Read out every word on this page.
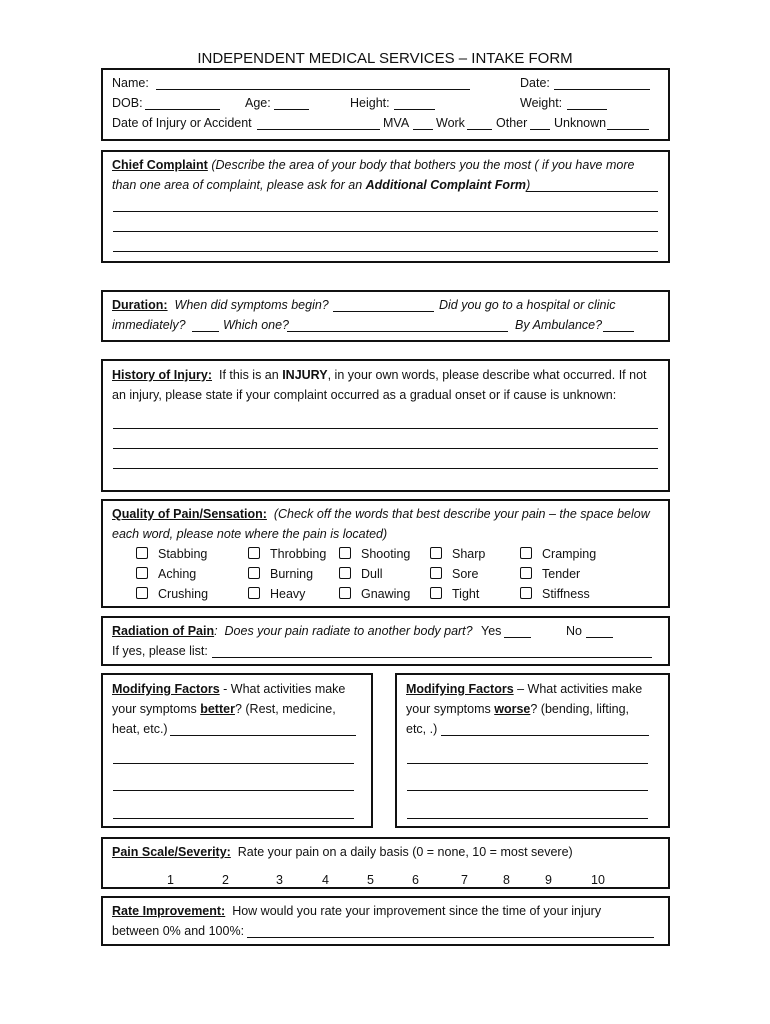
INDEPENDENT MEDICAL SERVICES – INTAKE FORM
Name:	Date:
DOB:	Age:	Height:	Weight:
Date of Injury or Accident	MVA Work Other Unknown
Chief Complaint (Describe the area of your body that bothers you the most ( if you have more
than one area of complaint, please ask for an Additional Complaint Form)
Duration: When did symptoms begin?	Did you go to a hospital or clinic
immediately?	Which one?	By Ambulance?
History of Injury: If this is an INJURY, in your own words, please describe what occurred. If not
an injury, please state if your complaint occurred as a gradual onset or if cause is unknown:
Quality of Pain/Sensation: (Check off the words that best describe your pain – the space below
each word, please note where the pain is located)
Stabbing	Throbbing	Shooting	Sharp	Cramping
Aching	Burning	Dull	Sore	Tender
Crushing	Heavy	Gnawing	Tight	Stiffness
Radiation of Pain: Does your pain radiate to another body part? Yes	No
If yes, please list:
Modifying Factors - What activities make
your symptoms better? (Rest, medicine,
heat, etc.)
Modifying Factors – What activities make
your symptoms worse? (bending, lifting,
etc, .)
Pain Scale/Severity: Rate your pain on a daily basis (0 = none, 10 = most severe)
1	2	3	4	5	6	7	8	9	10
Rate Improvement: How would you rate your improvement since the time of your injury
between 0% and 100%:
